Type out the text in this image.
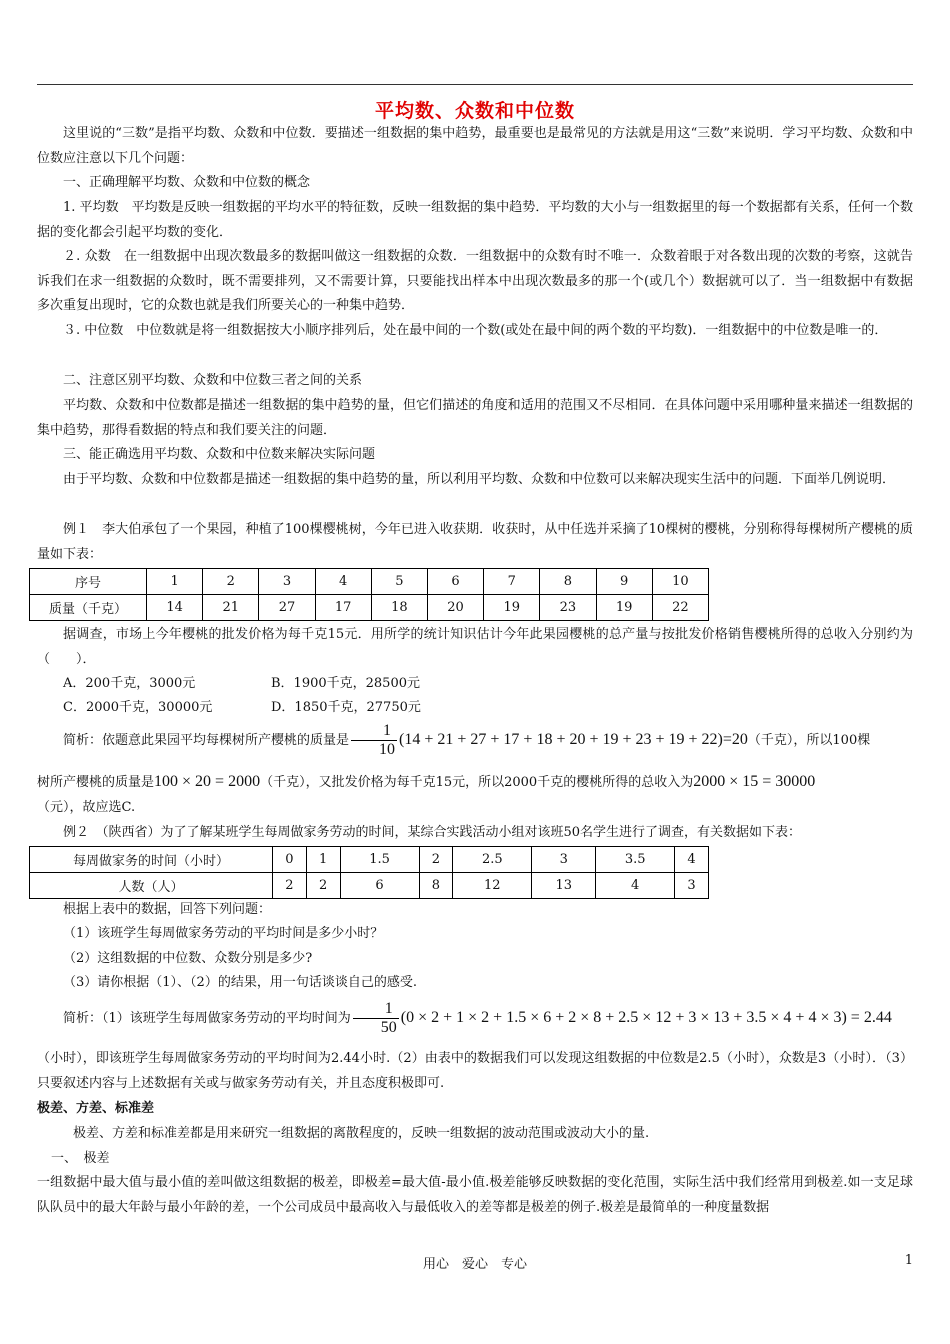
平均数、众数和中位数

这里说的“三数”是指平均数、众数和中位数．要描述一组数据的集中趋势，最重要也是最常见的方法就是用这“三数”来说明．学习平均数、众数和中位数应注意以下几个问题：

一、正确理解平均数、众数和中位数的概念

1. 平均数　平均数是反映一组数据的平均水平的特征数，反映一组数据的集中趋势．平均数的大小与一组数据里的每一个数据都有关系，任何一个数据的变化都会引起平均数的变化．

２. 众数　在一组数据中出现次数最多的数据叫做这一组数据的众数．一组数据中的众数有时不唯一．众数着眼于对各数出现的次数的考察，这就告诉我们在求一组数据的众数时，既不需要排列，又不需要计算，只要能找出样本中出现次数最多的那一个(或几个）数据就可以了．当一组数据中有数据多次重复出现时，它的众数也就是我们所要关心的一种集中趋势．

３. 中位数　中位数就是将一组数据按大小顺序排列后，处在最中间的一个数(或处在最中间的两个数的平均数)．一组数据中的中位数是唯一的．

二、注意区别平均数、众数和中位数三者之间的关系

平均数、众数和中位数都是描述一组数据的集中趋势的量，但它们描述的角度和适用的范围又不尽相同．在具体问题中采用哪种量来描述一组数据的集中趋势，那得看数据的特点和我们要关注的问题．

三、能正确选用平均数、众数和中位数来解决实际问题

由于平均数、众数和中位数都是描述一组数据的集中趋势的量，所以利用平均数、众数和中位数可以来解决现实生活中的问题．下面举几例说明．

例１　李大伯承包了一个果园，种植了100棵樱桃树，今年已进入收获期．收获时，从中任选并采摘了10棵树的樱桃，分别称得每棵树所产樱桃的质量如下表：

序号	1	2	3	4	5	6	7	8	9	10
质量（千克）	14	21	27	17	18	20	19	23	19	22

据调查，市场上今年樱桃的批发价格为每千克15元．用所学的统计知识估计今年此果园樱桃的总产量与按批发价格销售樱桃所得的总收入分别约为（　　）．

A．200千克，3000元	B．1900千克，28500元
C．2000千克，30000元	D．1850千克，27750元
简析：依题意此果园平均每棵树所产樱桃的质量是 $\frac{1}{10} (14 + 21 + 27 + 17 + 18 + 20 + 19 + 23 + 19 + 22)=20$（千克），所以100棵
树所产樱桃的质量是100 × 20 = 2000（千克），又批发价格为每千克15元，所以2000千克的樱桃所得的总收入为2000 × 15 = 30000

（元），故应选C.

例２　（陕西省）为了了解某班学生每周做家务劳动的时间，某综合实践活动小组对该班50名学生进行了调查，有关数据如下表：

每周做家务的时间（小时）	0	1	1.5	2	2.5	3	3.5	4
人数（人）	2	2	6	8	12	13	4	3

根据上表中的数据，回答下列问题：

（1）该班学生每周做家务劳动的平均时间是多少小时？

（2）这组数据的中位数、众数分别是多少?

（3）请你根据（1）、（2）的结果，用一句话谈谈自己的感受.

简析：（1）该班学生每周做家务劳动的平均时间为 $\frac{1}{50} (0 \times 2 + 1 \times 2 + 1.5 \times 6 + 2 \times 8 + 2.5 \times 12 + 3 \times 13 + 3.5 \times 4 + 4 \times 3) = 2.44$

（小时），即该班学生每周做家务劳动的平均时间为2.44小时.（2）由表中的数据我们可以发现这组数据的中位数是2.5（小时），众数是3（小时）．（3）只要叙述内容与上述数据有关或与做家务劳动有关，并且态度积极即可.

极差、方差、标准差

极差、方差和标准差都是用来研究一组数据的离散程度的，反映一组数据的波动范围或波动大小的量.

一、　极差

一组数据中最大值与最小值的差叫做这组数据的极差，即极差=最大值-最小值.极差能够反映数据的变化范围，实际生活中我们经常用到极差.如一支足球队队员中的最大年龄与最小年龄的差，一个公司成员中最高收入与最低收入的差等都是极差的例子.极差是最简单的一种度量数据

用心　爱心　专心	1
